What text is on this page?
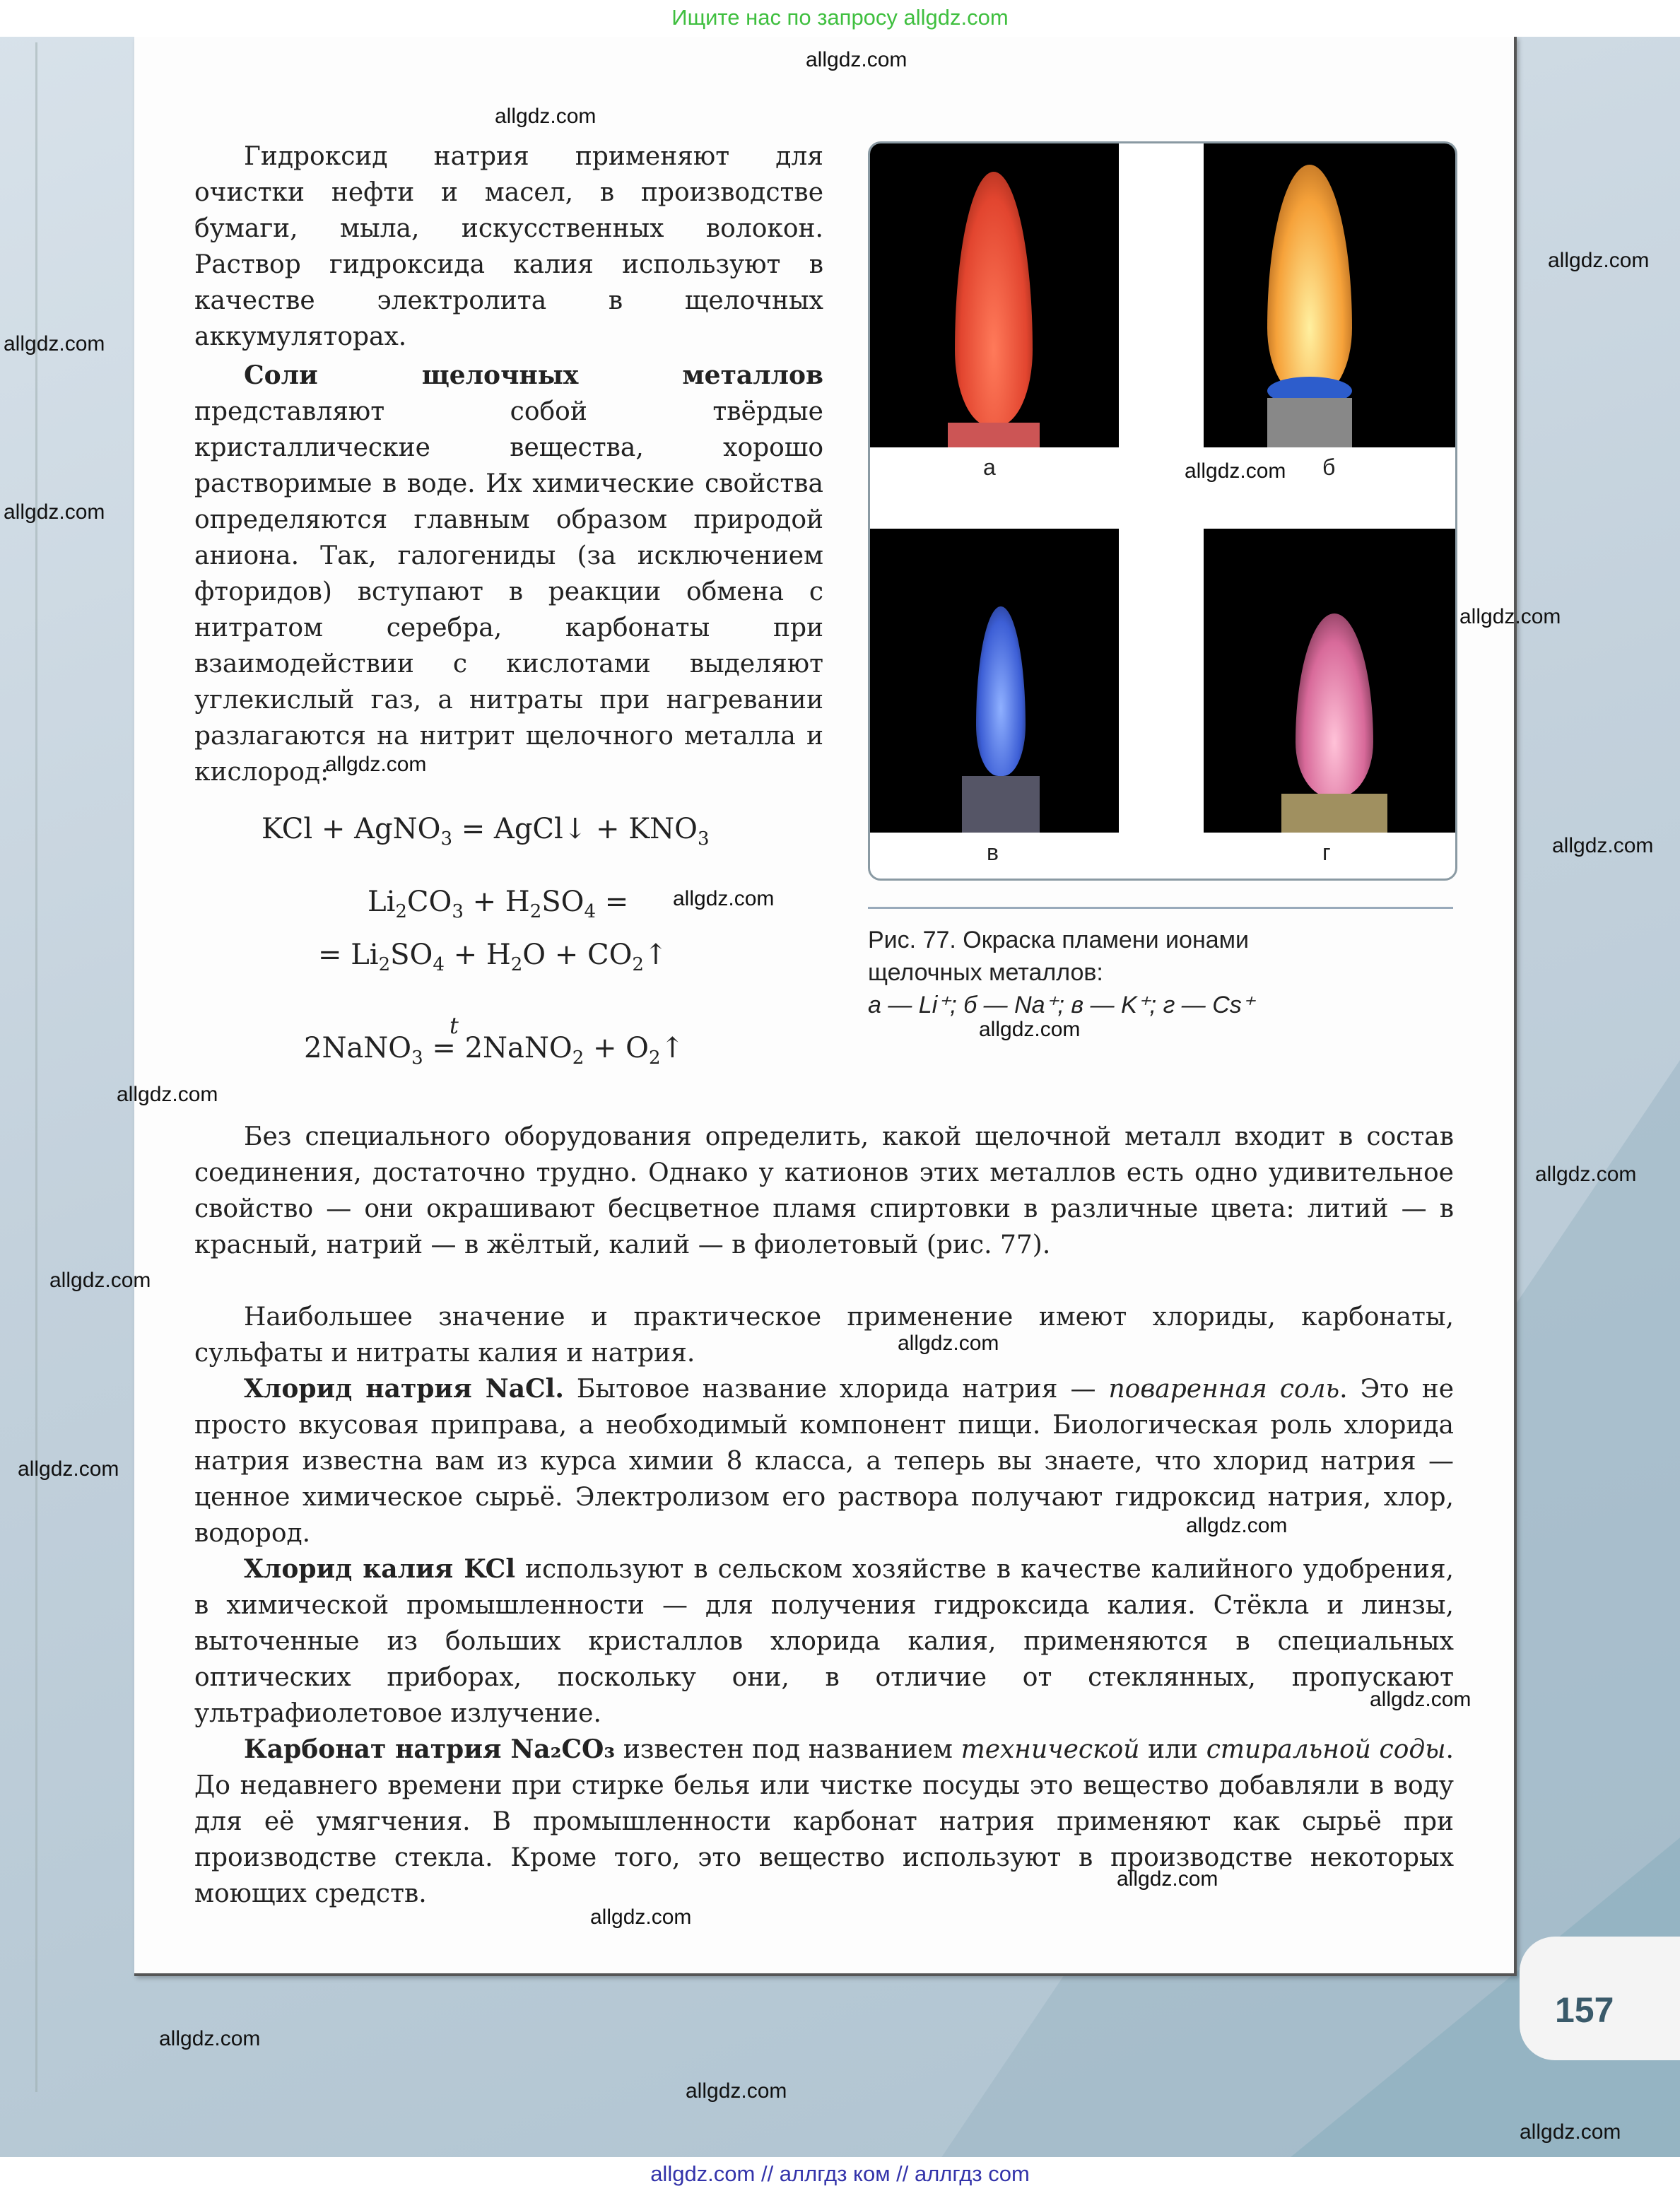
157
Ищите нас по запросу allgdz.com
allgdz.com // аллгдз ком // аллгдз com

Гидроксид натрия применяют для очистки нефти и масел, в производстве бумаги, мыла, искусственных волокон. Раствор гидроксида калия используют в качестве электролита в щелочных аккумуляторах.

Соли щелочных металлов представляют собой твёрдые кристаллические вещества, хорошо растворимые в воде. Их химические свойства определяются главным образом природой аниона. Так, галогениды (за исключением фторидов) вступают в реакции обмена с нитратом серебра, карбонаты при взаимодействии с кислотами выделяют углекислый газ, а нитраты при нагревании разлагаются на нитрит щелочного металла и кислород:

KCl + AgNO$_3$ = AgCl↓ + $KNO_3$
$Li_2CO_3 + H_2SO_4$ =
= $Li_2SO_4 + H_2O$ + $CO_2↑$
t
2NaNO$_3$ = 2NaNO$_2$ + $O_2↑$
а	б
в	г
Рис. 77. Окраска пламени ионами
щелочных металлов:
а — Li⁺; б — Na⁺; в — K⁺; г — Cs⁺

Без специального оборудования определить, какой щелочной металл входит в состав соединения, достаточно трудно. Однако у катионов этих металлов есть одно удивительное свойство — они окрашивают бесцветное пламя спиртовки в различные цвета: литий — в красный, натрий — в жёлтый, калий — в фиолетовый (рис. 77).

Наибольшее значение и практическое применение имеют хлориды, карбонаты, сульфаты и нитраты калия и натрия.

Хлорид натрия NaCl. Бытовое название хлорида натрия — поваренная соль. Это не просто вкусовая приправа, а необходимый компонент пищи. Биологическая роль хлорида натрия известна вам из курса химии 8 класса, а теперь вы знаете, что хлорид натрия — ценное химическое сырьё. Электролизом его раствора получают гидроксид натрия, хлор, водород.

Хлорид калия KCl используют в сельском хозяйстве в качестве калийного удобрения, в химической промышленности — для получения гидроксида калия. Стёкла и линзы, выточенные из больших кристаллов хлорида калия, применяются в специальных оптических приборах, поскольку они, в отличие от стеклянных, пропускают ультрафиолетовое излучение.

Карбонат натрия Na₂CO₃ известен под названием технической или стиральной соды. До недавнего времени при стирке белья или чистке посуды это вещество добавляли в воду для её умягчения. В промышленности карбонат натрия применяют как сырьё при производстве стекла. Кроме того, это вещество используют в производстве некоторых моющих средств.

allgdz.com
allgdz.com
allgdz.com
allgdz.com
allgdz.com
allgdz.com
allgdz.com
allgdz.com
allgdz.com
allgdz.com
allgdz.com
allgdz.com
allgdz.com
allgdz.com
allgdz.com
allgdz.com
allgdz.com
allgdz.com
allgdz.com
allgdz.com
allgdz.com
allgdz.com
allgdz.com
